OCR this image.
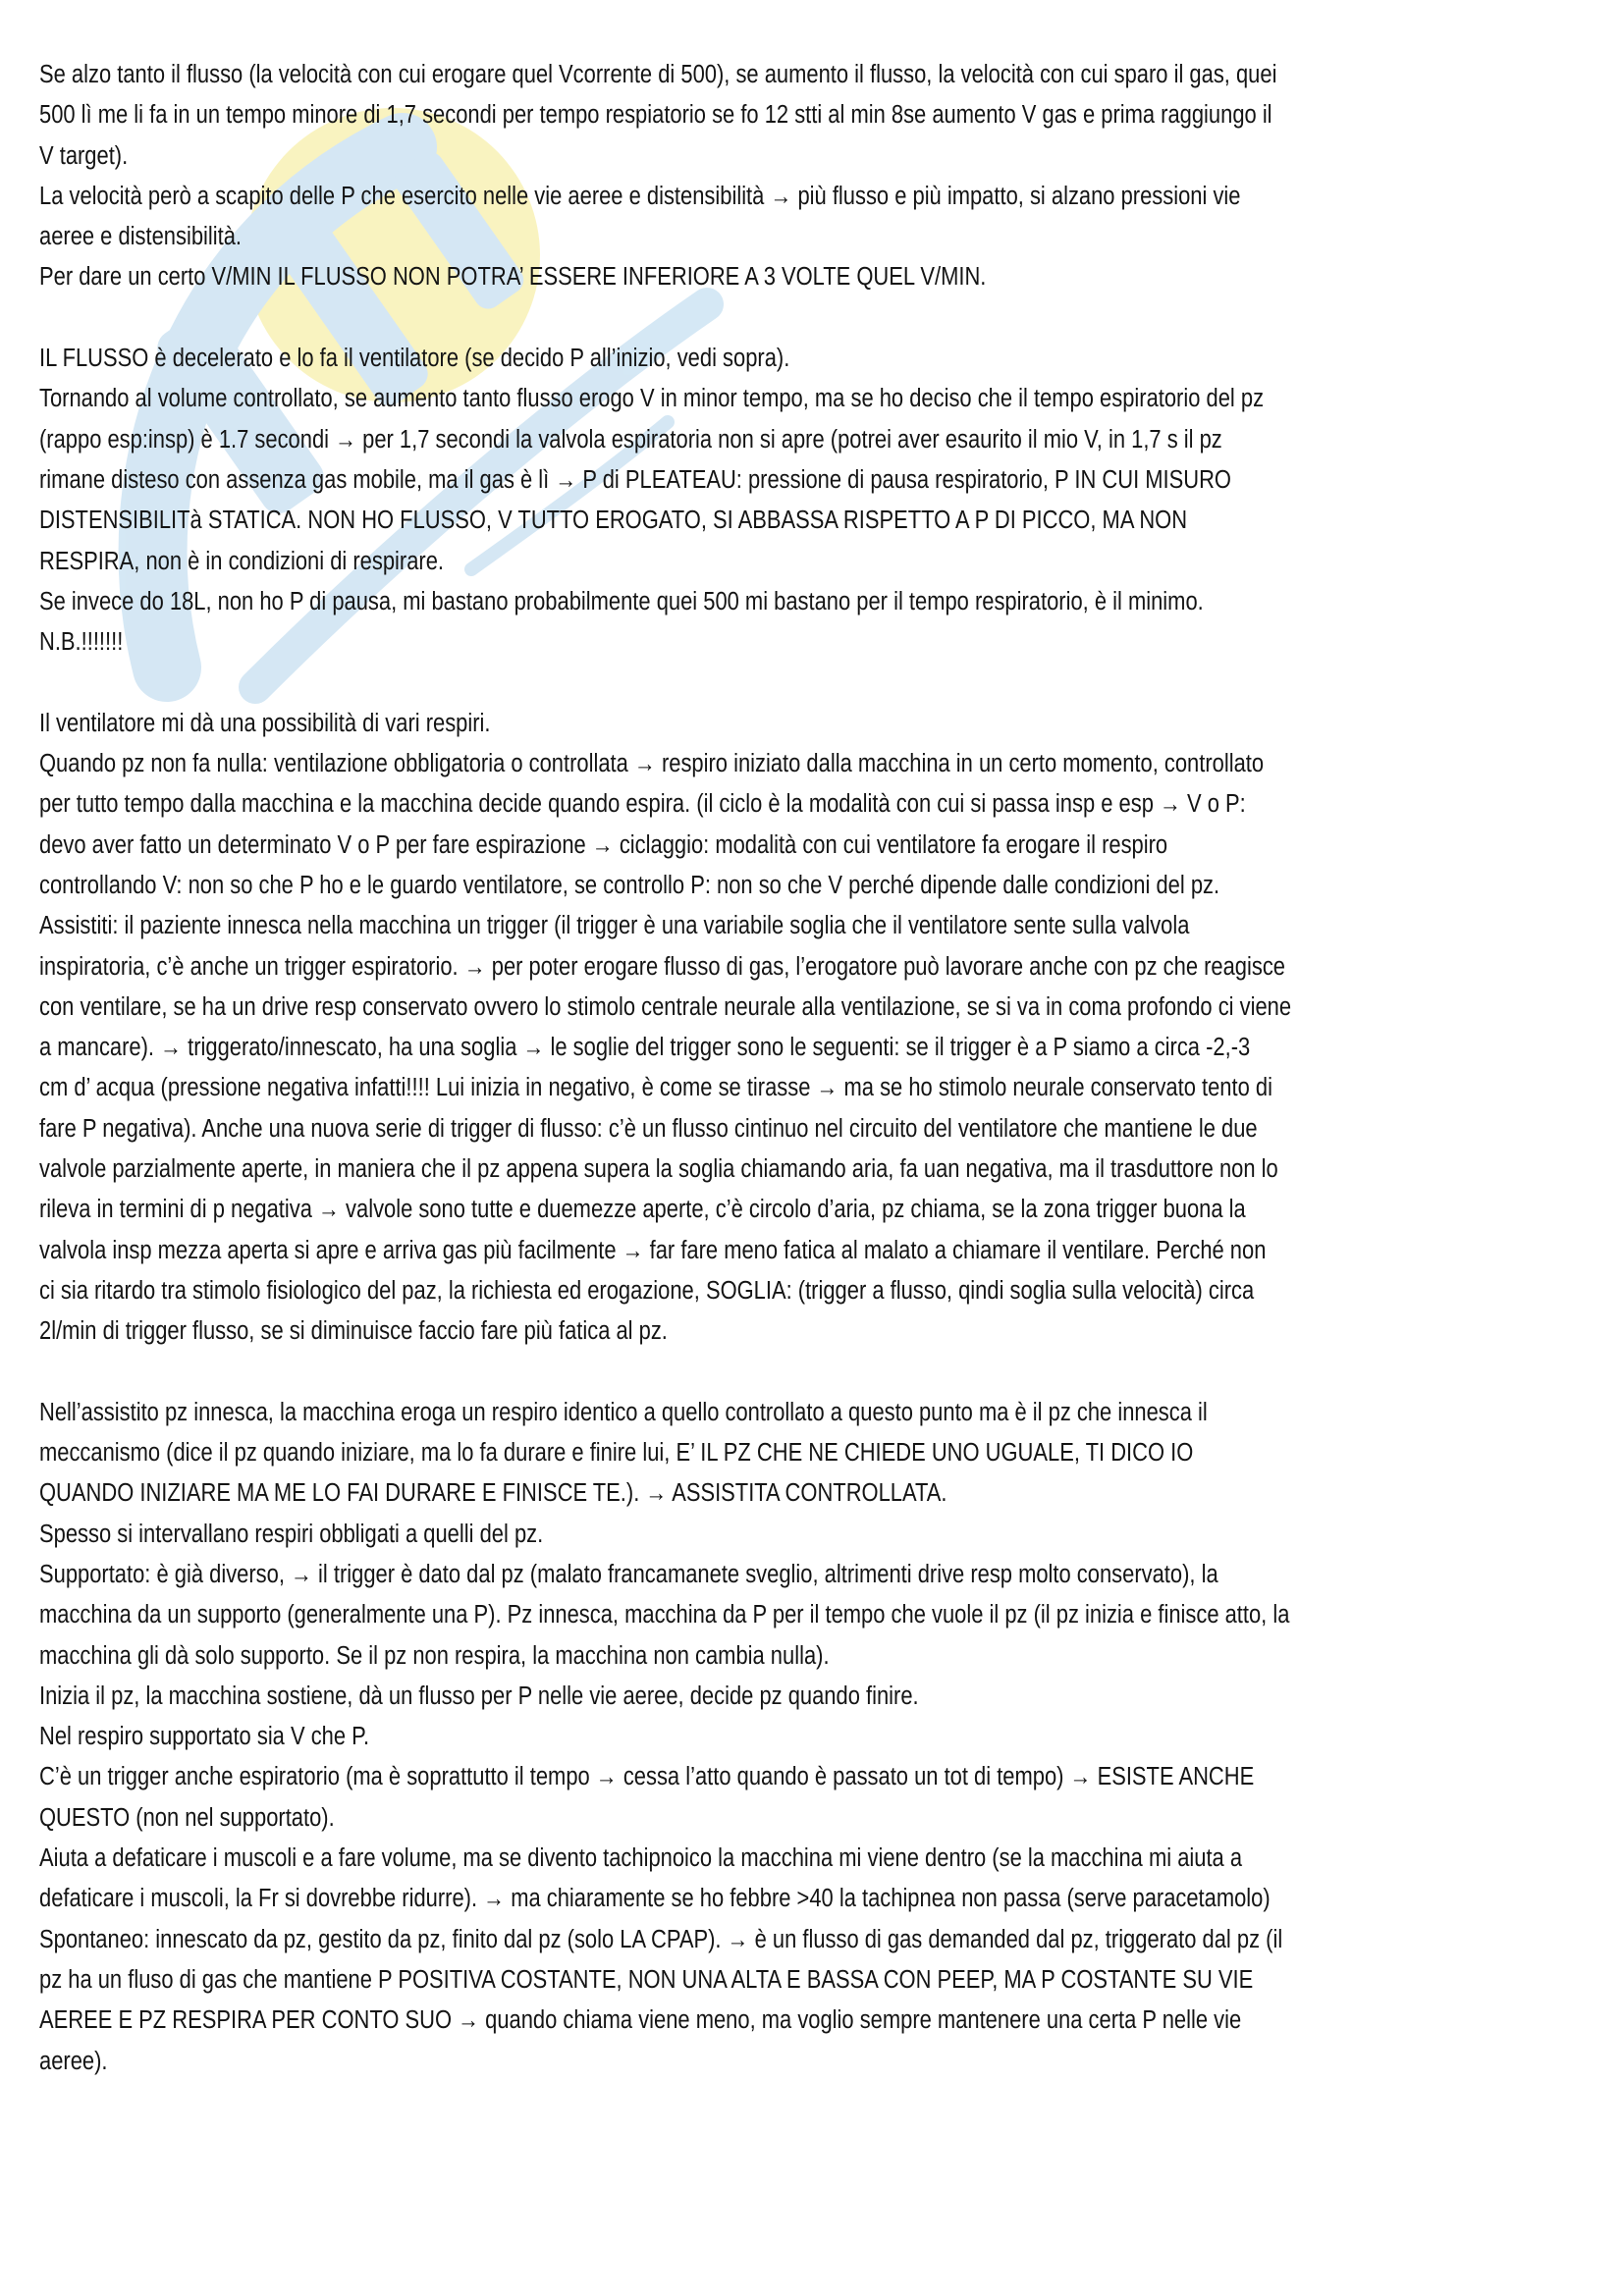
Se alzo tanto il flusso (la velocità con cui erogare quel Vcorrente di 500), se aumento il flusso, la velocità con cui sparo il gas, quei

500 lì me li fa in un tempo minore di 1,7 secondi per tempo respiatorio se fo 12 stti al min 8se aumento V gas e prima raggiungo il

V target).

La velocità però a scapito delle P che esercito nelle vie aeree e distensibilità → più flusso e più impatto, si alzano pressioni vie

aeree e distensibilità.

Per dare un certo V/MIN IL FLUSSO NON POTRA’ ESSERE INFERIORE A 3 VOLTE QUEL V/MIN.

IL FLUSSO è decelerato e lo fa il ventilatore (se decido P all’inizio, vedi sopra).

Tornando al volume controllato, se aumento tanto flusso erogo V in minor tempo, ma se ho deciso che il tempo espiratorio del pz

(rappo esp:insp) è 1.7 secondi → per 1,7 secondi la valvola espiratoria non si apre (potrei aver esaurito il mio V, in 1,7 s il pz

rimane disteso con assenza gas mobile, ma il gas è lì → P di PLEATEAU: pressione di pausa respiratorio, P IN CUI MISURO

DISTENSIBILITà STATICA. NON HO FLUSSO, V TUTTO EROGATO, SI ABBASSA RISPETTO A P DI PICCO, MA NON

RESPIRA, non è in condizioni di respirare.

Se invece do 18L, non ho P di pausa, mi bastano probabilmente quei 500 mi bastano per il tempo respiratorio, è il minimo.

N.B.!!!!!!!

Il ventilatore mi dà una possibilità di vari respiri.

Quando pz non fa nulla: ventilazione obbligatoria o controllata → respiro iniziato dalla macchina in un certo momento, controllato

per tutto tempo dalla macchina e la macchina decide quando espira. (il ciclo è la modalità con cui si passa insp e esp → V o P:

devo aver fatto un determinato V o P per fare espirazione → ciclaggio: modalità con cui ventilatore fa erogare il respiro

controllando V: non so che P ho e le guardo ventilatore, se controllo P: non so che V perché dipende dalle condizioni del pz.

Assistiti: il paziente innesca nella macchina un trigger (il trigger è una variabile soglia che il ventilatore sente sulla valvola

inspiratoria, c’è anche un trigger espiratorio. → per poter erogare flusso di gas, l’erogatore può lavorare anche con pz che reagisce

con ventilare, se ha un drive resp conservato ovvero lo stimolo centrale neurale alla ventilazione, se si va in coma profondo ci viene

a mancare). → triggerato/innescato, ha una soglia → le soglie del trigger sono le seguenti: se il trigger è a P siamo a circa -2,-3

cm d’ acqua (pressione negativa infatti!!!! Lui inizia in negativo, è come se tirasse → ma se ho stimolo neurale conservato tento di

fare P negativa). Anche una nuova serie di trigger di flusso: c’è un flusso cintinuo nel circuito del ventilatore che mantiene le due

valvole parzialmente aperte, in maniera che il pz appena supera la soglia chiamando aria, fa uan negativa, ma il trasduttore non lo

rileva in termini di p negativa → valvole sono tutte e duemezze aperte, c’è circolo d’aria, pz chiama, se la zona trigger buona la

valvola insp mezza aperta si apre e arriva gas più facilmente → far fare meno fatica al malato a chiamare il ventilare. Perché non

ci sia ritardo tra stimolo fisiologico del paz, la richiesta ed erogazione, SOGLIA: (trigger a flusso, qindi soglia sulla velocità) circa

2l/min di trigger flusso, se si diminuisce faccio fare più fatica al pz.

Nell’assistito pz innesca, la macchina eroga un respiro identico a quello controllato a questo punto ma è il pz che innesca il

meccanismo (dice il pz quando iniziare, ma lo fa durare e finire lui, E’ IL PZ CHE NE CHIEDE UNO UGUALE, TI DICO IO

QUANDO INIZIARE MA ME LO FAI DURARE E FINISCE TE.). → ASSISTITA CONTROLLATA.

Spesso si intervallano respiri obbligati a quelli del pz.

Supportato: è già diverso, → il trigger è dato dal pz (malato francamanete sveglio, altrimenti drive resp molto conservato), la

macchina da un supporto (generalmente una P). Pz innesca, macchina da P per il tempo che vuole il pz (il pz inizia e finisce atto, la

macchina gli dà solo supporto. Se il pz non respira, la macchina non cambia nulla).

Inizia il pz, la macchina sostiene, dà un flusso per P nelle vie aeree, decide pz quando finire.

Nel respiro supportato sia V che P.

C’è un trigger anche espiratorio (ma è soprattutto il tempo → cessa l’atto quando è passato un tot di tempo) → ESISTE ANCHE

QUESTO (non nel supportato).

Aiuta a defaticare i muscoli e a fare volume, ma se divento tachipnoico la macchina mi viene dentro (se la macchina mi aiuta a

defaticare i muscoli, la Fr si dovrebbe ridurre). → ma chiaramente se ho febbre >40 la tachipnea non passa (serve paracetamolo)

Spontaneo: innescato da pz, gestito da pz, finito dal pz (solo LA CPAP). → è un flusso di gas demanded dal pz, triggerato dal pz (il

pz ha un fluso di gas che mantiene P POSITIVA COSTANTE, NON UNA ALTA E BASSA CON PEEP, MA P COSTANTE SU VIE

AEREE E PZ RESPIRA PER CONTO SUO → quando chiama viene meno, ma voglio sempre mantenere una certa P nelle vie

aeree).
